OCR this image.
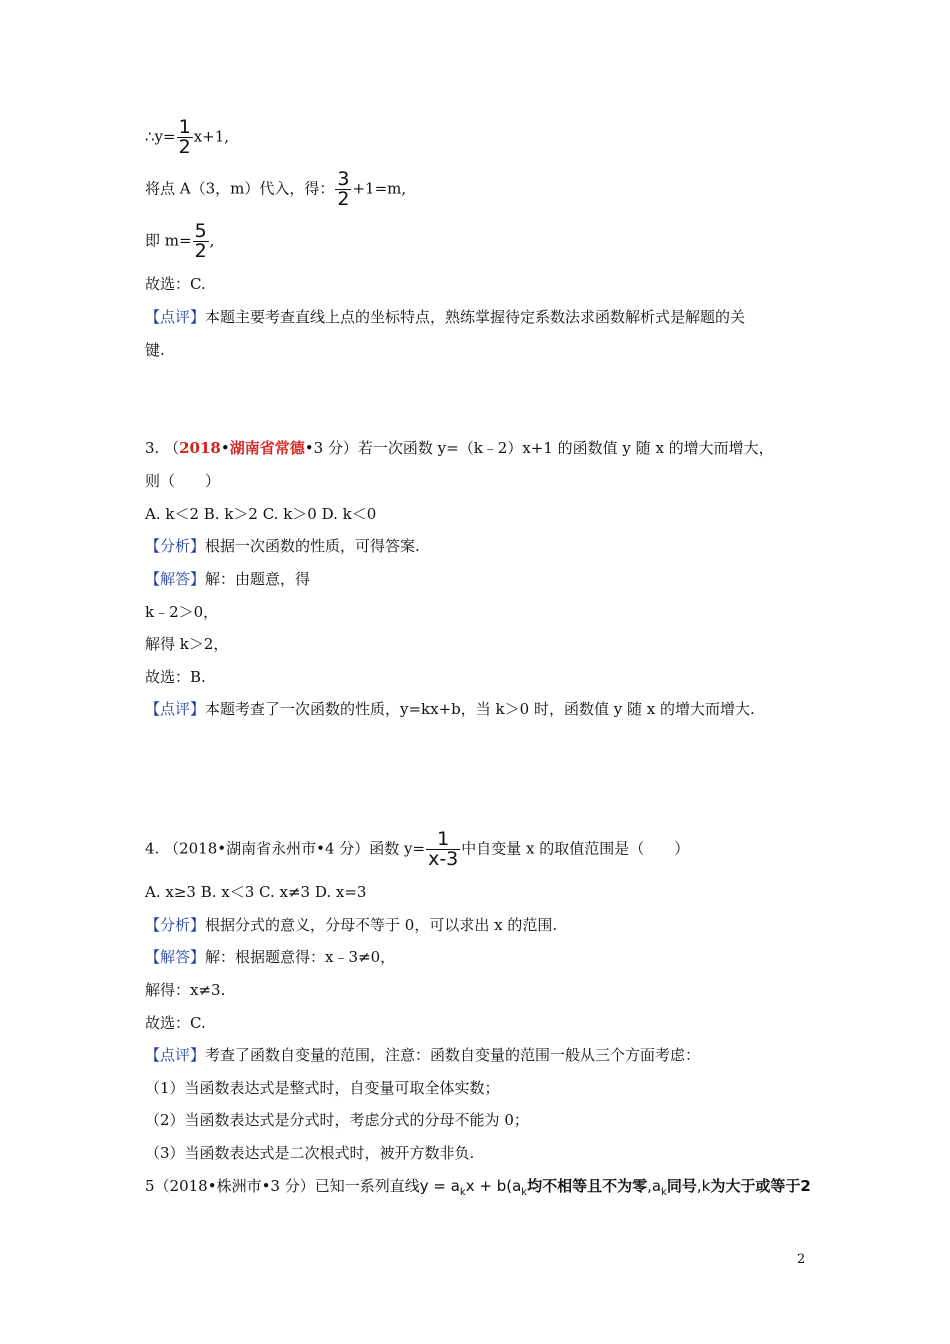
∴y= $\frac{1}{2} x+1$,
将点 A（3，m）代入，得： $\frac{3}{2} +1=m$,
即 $m= \frac{5}{2}$ ,
故选：C.
【点评】本题主要考查直线上点的坐标特点，熟练掌握待定系数法求函数解析式是解题的关
键.
3. （2018•湖南省常德•3 分）若一次函数 y=（k﹣2）x+1 的函数值 y 随 x 的增大而增大，
则（　　）
A. k＜2 B. k＞2 C. k＞0 D. k＜0
【分析】根据一次函数的性质，可得答案.
【解答】解：由题意，得
k﹣2＞0，
解得 k＞2，
故选：B.
【点评】本题考查了一次函数的性质，y=kx+b，当 k＞0 时，函数值 y 随 x 的增大而增大.
4. （2018•湖南省永州市•4 分）函数 $y= \frac{1}{x-3}$ 中自变量 x 的取值范围是（　　）
A. x≥3 B. x＜3 C. x≠3 D. x=3
【分析】根据分式的意义，分母不等于 0，可以求出 x 的范围.
【解答】解：根据题意得：x﹣3≠0，
解得：x≠3.
故选：C.
【点评】考查了函数自变量的范围，注意：函数自变量的范围一般从三个方面考虑：
（1）当函数表达式是整式时，自变量可取全体实数；
（2）当函数表达式是分式时，考虑分式的分母不能为 0；
（3）当函数表达式是二次根式时，被开方数非负.
5（2018•株洲市•3 分）已知一系列直线$y = a_kx + b(a_k$均不相等且不为零$,a_k$同号,k为大于或等于2
2
